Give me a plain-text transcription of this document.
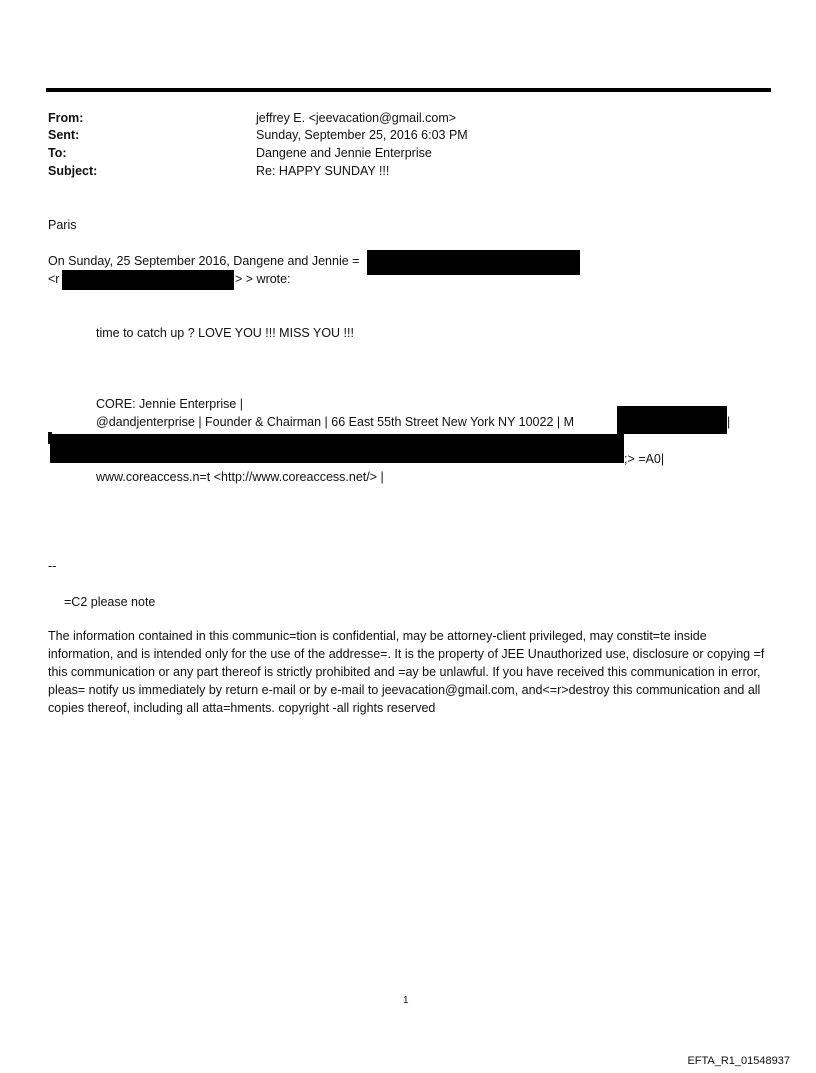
From:	jeffrey E. <jeevacation@gmail.com>
Sent:	Sunday, September 25, 2016 6:03 PM
To:	Dangene and Jennie Enterprise
Subject:	Re: HAPPY SUNDAY !!!
Paris
On Sunday, 25 September 2016, Dangene and Jennie =
<r	> > wrote:
time to catch up ? LOVE YOU !!! MISS YOU !!!
CORE: Jennie Enterprise |
@dandjenterprise | Founder & Chairman | 66 East 55th Street New York NY 10022 | M	|
;> =A0|
www.coreaccess.n=t <http://www.coreaccess.net/> |
--
=C2 please note
The information contained in this communic=tion is confidential, may be attorney-client privileged, may constit=te inside information, and is intended only for the use of the addresse=. It is the property of JEE Unauthorized use, disclosure or copying =f this communication or any part thereof is strictly prohibited and =ay be unlawful. If you have received this communication in error, pleas= notify us immediately by return e-mail or by e-mail to jeevacation@gmail.com, and<=r>destroy this communication and all copies thereof, including all atta=hments. copyright -all rights reserved
1
EFTA_R1_01548937
